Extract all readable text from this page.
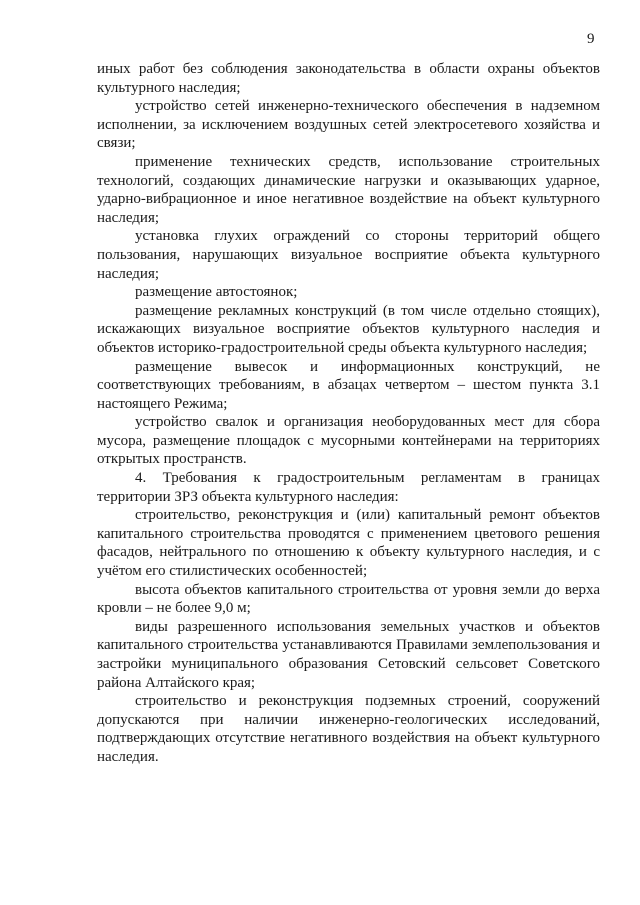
9

иных работ без соблюдения законодательства в области охраны объектов культурного наследия;

устройство сетей инженерно-технического обеспечения в надземном исполнении, за исключением воздушных сетей электросетевого хозяйства и связи;

применение технических средств, использование строительных технологий, создающих динамические нагрузки и оказывающих ударное, ударно-вибрационное и иное негативное воздействие на объект культурного наследия;

установка глухих ограждений со стороны территорий общего пользования, нарушающих визуальное восприятие объекта культурного наследия;

размещение автостоянок;

размещение рекламных конструкций (в том числе отдельно стоящих), искажающих визуальное восприятие объектов культурного наследия и объектов историко-градостроительной среды объекта культурного наследия;

размещение вывесок и информационных конструкций, не соответствующих требованиям, в абзацах четвертом – шестом пункта 3.1 настоящего Режима;

устройство свалок и организация необорудованных мест для сбора мусора, размещение площадок с мусорными контейнерами на территориях открытых пространств.

4. Требования к градостроительным регламентам в границах территории ЗРЗ объекта культурного наследия:

строительство, реконструкция и (или) капитальный ремонт объектов капитального строительства проводятся с применением цветового решения фасадов, нейтрального по отношению к объекту культурного наследия, и с учётом его стилистических особенностей;

высота объектов капитального строительства от уровня земли до верха кровли – не более 9,0 м;

виды разрешенного использования земельных участков и объектов капитального строительства устанавливаются Правилами землепользования и застройки муниципального образования Сетовский сельсовет Советского района Алтайского края;

строительство и реконструкция подземных строений, сооружений допускаются при наличии инженерно-геологических исследований, подтверждающих отсутствие негативного воздействия на объект культурного наследия.
